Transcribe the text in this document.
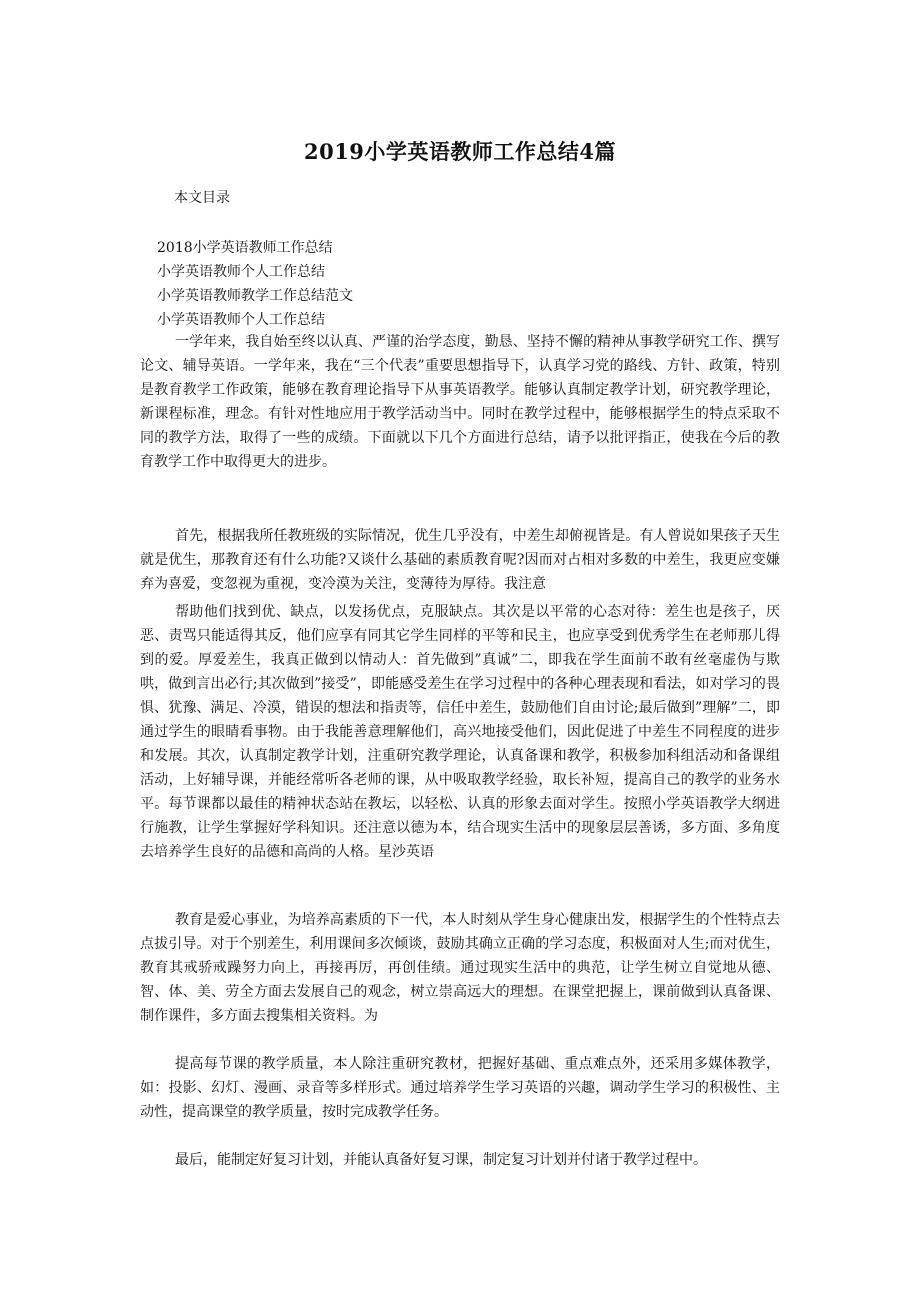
2019小学英语教师工作总结4篇
本文目录
2018小学英语教师工作总结
小学英语教师个人工作总结
小学英语教师教学工作总结范文
小学英语教师个人工作总结

一学年来，我自始至终以认真、严谨的治学态度，勤恳、坚持不懈的精神从事教学研究工作、撰写论文、辅导英语。一学年来，我在“三个代表”重要思想指导下，认真学习党的路线、方针、政策，特别是教育教学工作政策，能够在教育理论指导下从事英语教学。能够认真制定教学计划，研究教学理论，新课程标准，理念。有针对性地应用于教学活动当中。同时在教学过程中，能够根据学生的特点采取不同的教学方法，取得了一些的成绩。下面就以下几个方面进行总结，请予以批评指正，使我在今后的教育教学工作中取得更大的进步。

首先，根据我所任教班级的实际情况，优生几乎没有，中差生却俯视皆是。有人曾说如果孩子天生就是优生，那教育还有什么功能?又谈什么基础的素质教育呢?因而对占相对多数的中差生，我更应变嫌弃为喜爱，变忽视为重视，变冷漠为关注，变薄待为厚待。我注意

帮助他们找到优、缺点，以发扬优点，克服缺点。其次是以平常的心态对待：差生也是孩子，厌恶、责骂只能适得其反，他们应享有同其它学生同样的平等和民主，也应享受到优秀学生在老师那儿得到的爱。厚爱差生，我真正做到以情动人：首先做到”真诚”二，即我在学生面前不敢有丝毫虚伪与欺哄，做到言出必行;其次做到”接受”，即能感受差生在学习过程中的各种心理表现和看法，如对学习的畏惧、犹豫、满足、冷漠，错误的想法和指责等，信任中差生，鼓励他们自由讨论;最后做到”理解”二，即通过学生的眼睛看事物。由于我能善意理解他们，高兴地接受他们，因此促进了中差生不同程度的进步和发展。其次，认真制定教学计划，注重研究教学理论，认真备课和教学，积极参加科组活动和备课组活动，上好辅导课，并能经常听各老师的课，从中吸取教学经验，取长补短，提高自己的教学的业务水平。每节课都以最佳的精神状态站在教坛，以轻松、认真的形象去面对学生。按照小学英语教学大纲进行施教，让学生掌握好学科知识。还注意以德为本，结合现实生活中的现象层层善诱，多方面、多角度去培养学生良好的品德和高尚的人格。星沙英语

教育是爱心事业，为培养高素质的下一代，本人时刻从学生身心健康出发，根据学生的个性特点去点拔引导。对于个别差生，利用课间多次倾谈，鼓励其确立正确的学习态度，积极面对人生;而对优生，教育其戒骄戒躁努力向上，再接再厉，再创佳绩。通过现实生活中的典范，让学生树立自觉地从德、智、体、美、劳全方面去发展自己的观念，树立崇高远大的理想。在课堂把握上，课前做到认真备课、制作课件，多方面去搜集相关资料。为

提高每节课的教学质量，本人除注重研究教材，把握好基础、重点难点外，还采用多媒体教学，如：投影、幻灯、漫画、录音等多样形式。通过培养学生学习英语的兴趣，调动学生学习的积极性、主动性，提高课堂的教学质量，按时完成教学任务。

最后，能制定好复习计划，并能认真备好复习课，制定复习计划并付诸于教学过程中。
